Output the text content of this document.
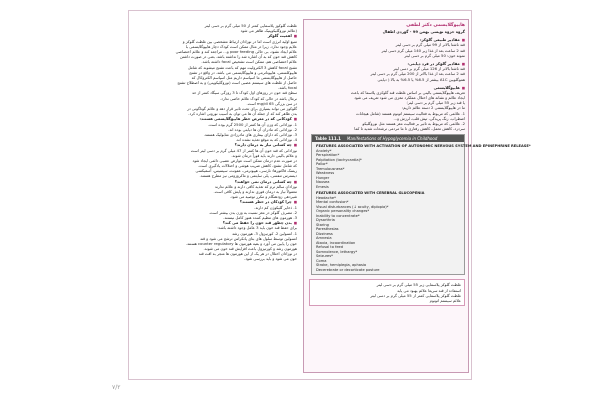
هایپوگلایسمی دکتر لطفی
گروه حزوه نویسی بهمن 99 - گوردی اطفال
■ مقادیر طبیعی گلوکز:
قند ناشتا بالاتر از 99 میلی گرم بر دسی لیتر
قند 2 ساعت بعد از غذا زیر 140 میلی گرم دسی لیتر
نمونه خون: 50 میلی گرم بر دسی لیتر
■ مقادیر گلوکز در فرد دیابتی:
قند ناشتا بالاتر از 126 میلی گرم بر دسی لیتر
قند 2 ساعت بعد از غذا بالاتر از 200 میلی گرم بر دسی لیتر
هموگلوبین A1C بیشتر از 6.5% یا 6.5% به بالا ( دیابتی
■ هایپوگلایسمی
تعریف هایپوگلایسمی بالینی بر اساس غلظت قند گلوکزی پلاسما که باعث
ایجاد علائم و نشانه های اختلال عملکرد مغزی می شود تعریف می شود
یا قند زیر 55 میلی گرم بر دسی لیتر؛
ما در هایپوگلایسمی 2 دسته علائم داریم:
1. علائمی که مربوط به فعالیت سیستم اتونوم هستند (شامل هیجانات
اضطراب، رنگ پریدگی، تپش قلب، لرزش و...
2. علائمی که مربوط به تاثیر بر فعالیت مغز هستند مثل نوروگلیکو
سردرد، کاهش تحمل، کاهش رفتاری تا ما مردمی ترشحات شدید تا کما
Table 111.1 Manifestations of Hypoglycemia in Childhood
FEATURES ASSOCIATED WITH ACTIVATION OF AUTONOMIC NERVOUS SYSTEM AND EPINEPHRINE RELEASE*
Anxiety*
Perspiration*
Palpitation (tachycardia)*
Pallor*
Tremulousness*
Weakness
Hunger
Nausea
Emesis
FEATURES ASSOCIATED WITH CEREBRAL GLUCOPENIA
Headache*
Mental confusion*
Visual disturbances (↓ acuity, diplopia)*
Organic personality changes*
Inability to concentrate*
Dysarthria
Staring
Paresthesias
Dizziness
Amnesia
Ataxia, incoordination
Refusal to feed
Somnolence, lethargy*
Seizures*
Coma
Stroke, hemiplegia, aphasia
Decerebrate or decorticate posture
غلظت گلوکز پلاسمایی زیر 55 میلی گرم بر دسی لیتر
استفاده از قند سریعا علائم بهبود می یابد
غلظت گلوکز پلاسمایی کمتر از 55 میلی گرم بر دسی لیتر
علائم سیستم اتونوم
غلظت گلوکوز پلاسمایی کمتر از 50 میلی گرم بر دسی لیتر
(علائم نوروگلیکوپنیک ظاهر می شود
■ اهمیت گلوکز
منبع اولیه انرژی است اما در نوزادان ارتباط مشخصی بین غلظت گلوکز و
علایم وجود ندارد. زیرا در مثال ممکن است کودک دچار هایپوگلایسمی با
علائم ایجاد نشود، بی حالی poor feeding و... مراجعه کند و علائم اختصاصی
کاهش قند خون که به آن اشاره شد را نداشته باشد. بعنی در صورت داشتن
علائم اختصاصی هم، ممکن است تشخیص focal داشته باشد.
تشنج focal کاهش 3 الکترولیت مهم که باعث تشنج میشوند که شامل
هایپوکلسمی، هایپوناترمی و هایپوگلایسمی می باشد. در واقع در تشنج
حاصل از هایپوگلایسمی ما اسپاسم داریم مثل اسپاسم الکتروکال که
حاصل از غلظت های سیستم عصبی است (نوروگلیکوپنی) و به اصطلاح تشنج
focal باشد.
سطح قند خون در روزهای اول کودک تا 3 روزگی سیگاد کمتر از حد
نرمال باشد در حالی که کودک علائم خاصی ندارد.
در سن بزرگی mg/dl 65 است.
گلوکوز می تواند بسیاری برای تحت تاثیر قرار دهد و علائم گوناگونی در
بدن ظاهر کند که از جمله آن ها می توان به آسیب نورونی اشاره کرد.
■ کودکانی که در معرض خطر هایپوگلایسمی هستند:
1. نوزادانی که وزن آن ها کمتر از 2500 گرم بوده است.
2. نوزادانی که مادران آن ها دیابتی بوده اند.
3. نوزادانی که دارای بیماری های مادرزادی متابولیک هستند.
4. نوزادانی که به موقع تغذیه نشده اند.
■ چه کسانی نیاز به درمان دارند؟
نوزادانی که قند خون آن ها کمتر از 47 میلی گرم بر دسی لیتر است
و علائم بالینی دارند باید فوراً درمان شوند.
در صورت عدم درمان ممکن است عوارض عصبی دائمی ایجاد شود
که شامل تشنج، کاهش ضریب هوشی و اختلالات یادگیری است.
ریسک فاکتورها: نارسی، هیپوترمی، عفونت، سپسیس، آسفیکسی
دیسترس تنفسی، پلی سایتمی و ماکروزومی نیز مطرح هستند.
■ چه کسانی درمان نمی خواهند؟
نوزادان سالم ترم که تغذیه کافی دارند و علائم ندارند
معمولاً نیاز به درمان فوری ندارند و پایش کافی است.
شیردهی زودهنگام و مکرر توصیه می شود.
■ چرا کودکان در خطر هستند؟
1. ذخایر گلیکوژن کم دارند.
2. مصرف گلوکز در مغز نسبت به وزن بدن بیشتر است.
3. هورمون های تنظیم کننده هنوز کامل نیستند.
■ بدن چطور قند خون را حفظ می کند؟
برای حفظ قند خون باید 3 عامل وجود داشته باشد:
1. انسولین 2. کورتیزول 3. هورمون رشد
انسولین توسط سلول های بتای پانکراس ترشح می شود و قند
خون را پایین می آورد و بقیه هورمون ها counter regulatory هستند.
هورمون رشد و کورتیزول باعث افزایش قند خون می شوند.
در نوزادان اختلال در هر یک از این هورمون ها منجر به افت قند
خون می شود و باید بررسی شود.
٧/٢
